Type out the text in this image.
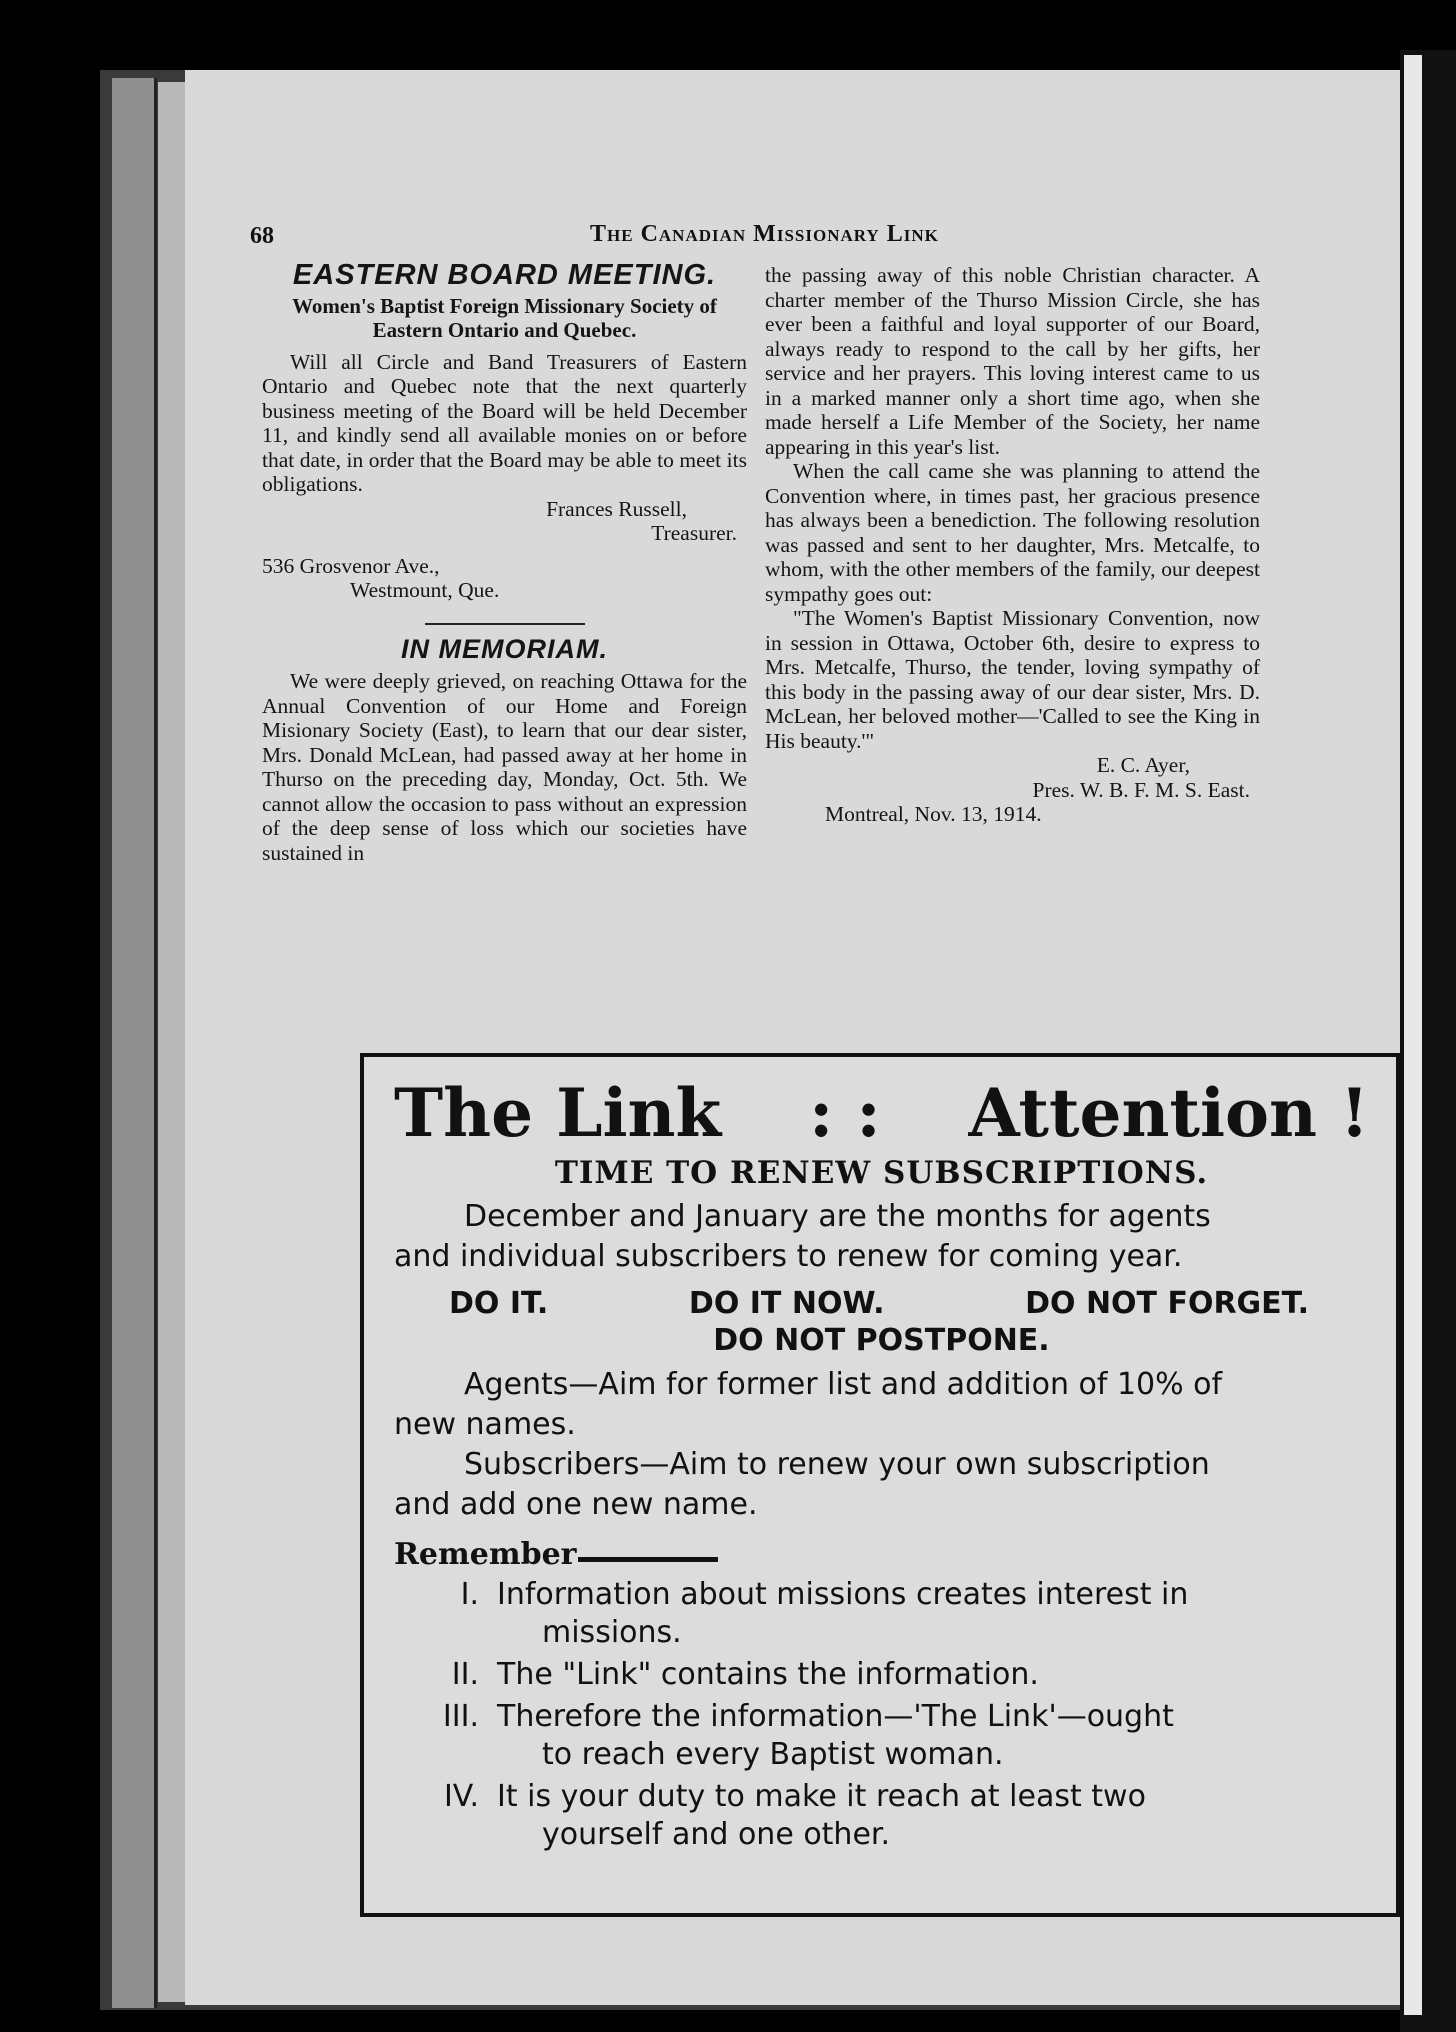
68	The Canadian Missionary Link
EASTERN BOARD MEETING.
Women's Baptist Foreign Missionary Society of Eastern Ontario and Quebec.

Will all Circle and Band Treasurers of Eastern Ontario and Quebec note that the next quarterly business meeting of the Board will be held December 11, and kindly send all available monies on or before that date, in order that the Board may be able to meet its obligations.

Frances Russell,

Treasurer.

536 Grosvenor Ave.,

Westmount, Que.

IN MEMORIAM.

We were deeply grieved, on reaching Ottawa for the Annual Convention of our Home and Foreign Misionary Society (East), to learn that our dear sister, Mrs. Donald McLean, had passed away at her home in Thurso on the preceding day, Monday, Oct. 5th. We cannot allow the occasion to pass without an expression of the deep sense of loss which our societies have sustained in

the passing away of this noble Christian character. A charter member of the Thurso Mission Circle, she has ever been a faithful and loyal supporter of our Board, always ready to respond to the call by her gifts, her service and her prayers. This loving interest came to us in a marked manner only a short time ago, when she made herself a Life Member of the Society, her name appearing in this year's list.

When the call came she was planning to attend the Convention where, in times past, her gracious presence has always been a benediction. The following resolution was passed and sent to her daughter, Mrs. Metcalfe, to whom, with the other members of the family, our deepest sympathy goes out:

"The Women's Baptist Missionary Convention, now in session in Ottawa, October 6th, desire to express to Mrs. Metcalfe, Thurso, the tender, loving sympathy of this body in the passing away of our dear sister, Mrs. D. McLean, her beloved mother—'Called to see the King in His beauty.'"

E. C. Ayer,

Pres. W. B. F. M. S. East.

Montreal, Nov. 13, 1914.

The Link	: :	Attention !
TIME TO RENEW SUBSCRIPTIONS.
December and January are the months for agents
and individual subscribers to renew for coming year.
DO IT.	DO IT NOW.	DO NOT FORGET.
DO NOT POSTPONE.
Agents—Aim for former list and addition of 10% of
new names.
Subscribers—Aim to renew your own subscription
and add one new name.
Remember
I. Information about missions creates interest in
missions.
II. The "Link" contains the information.
III. Therefore the information—'The Link'—ought
to reach every Baptist woman.
IV. It is your duty to make it reach at least two
yourself and one other.
